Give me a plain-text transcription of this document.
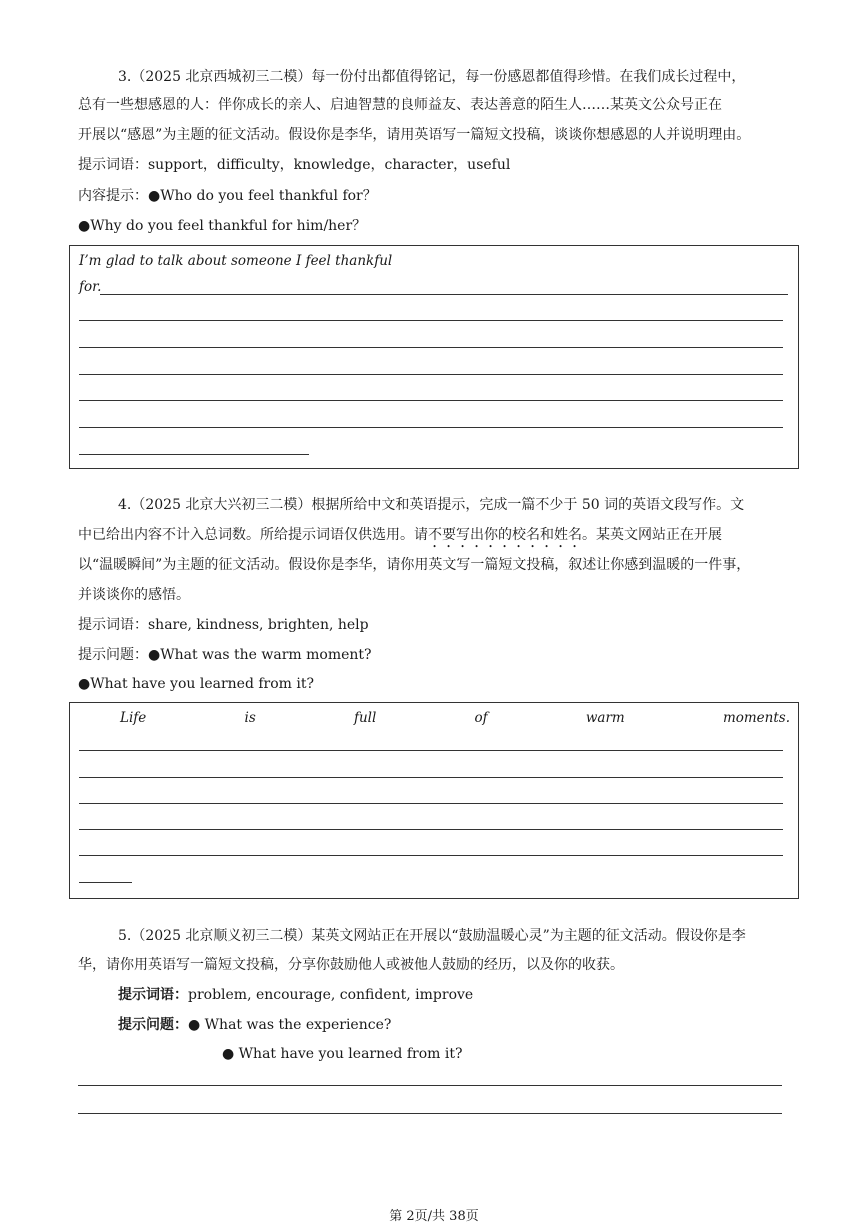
3.（2025 北京西城初三二模）每一份付出都值得铭记，每一份感恩都值得珍惜。在我们成长过程中，
总有一些想感恩的人：伴你成长的亲人、启迪智慧的良师益友、表达善意的陌生人……某英文公众号正在
开展以“感恩”为主题的征文活动。假设你是李华，请用英语写一篇短文投稿，谈谈你想感恩的人并说明理由。
提示词语：support，difficulty，knowledge，character，useful
内容提示：●Who do you feel thankful for？
●Why do you feel thankful for him/her？
I’m glad to talk about someone I feel thankful
for.
4.（2025 北京大兴初三二模）根据所给中文和英语提示，完成一篇不少于 50 词的英语文段写作。文
中已给出内容不计入总词数。所给提示词语仅供选用。请不要写出你的校名和姓名。某英文网站正在开展
以“温暖瞬间”为主题的征文活动。假设你是李华，请你用英文写一篇短文投稿，叙述让你感到温暖的一件事，
并谈谈你的感悟。
提示词语：share, kindness, brighten, help
提示问题：●What was the warm moment?
●What have you learned from it?
Life	is	full	of	warm	moments.
5.（2025 北京顺义初三二模）某英文网站正在开展以“鼓励温暖心灵”为主题的征文活动。假设你是李
华，请你用英语写一篇短文投稿，分享你鼓励他人或被他人鼓励的经历，以及你的收获。
提示词语：problem, encourage, confident, improve
提示问题：● What was the experience?
● What have you learned from it?
第 2页/共 38页
